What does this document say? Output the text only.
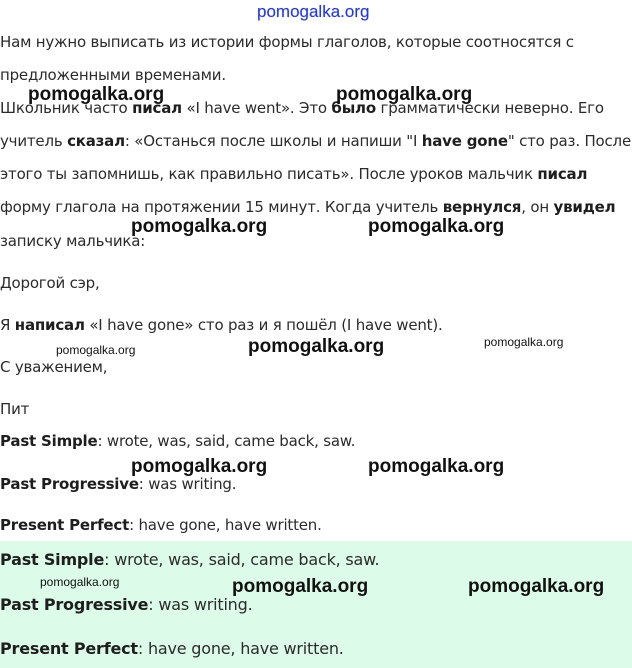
Нам нужно выписать из истории формы глаголов, которые соотносятся с

предложенными временами.

Школьник часто писал «I have went». Это было грамматически неверно. Его

учитель сказал: «Останься после школы и напиши "I have gone" сто раз. После

этого ты запомнишь, как правильно писать». После уроков мальчик писал

форму глагола на протяжении 15 минут. Когда учитель вернулся, он увидел

записку мальчика:

Дорогой сэр,

Я написал «I have gone» сто раз и я пошёл (I have went).

С уважением,

Пит

Past Simple: wrote, was, said, came back, saw.

Past Progressive: was writing.

Present Perfect: have gone, have written.

Past Simple: wrote, was, said, came back, saw.

Past Progressive: was writing.

Present Perfect: have gone, have written.

pomogalka.org
pomogalka.org	pomogalka.org
pomogalka.org	pomogalka.org
pomogalka.org	pomogalka.org	pomogalka.org
pomogalka.org	pomogalka.org
pomogalka.org	pomogalka.org	pomogalka.org
